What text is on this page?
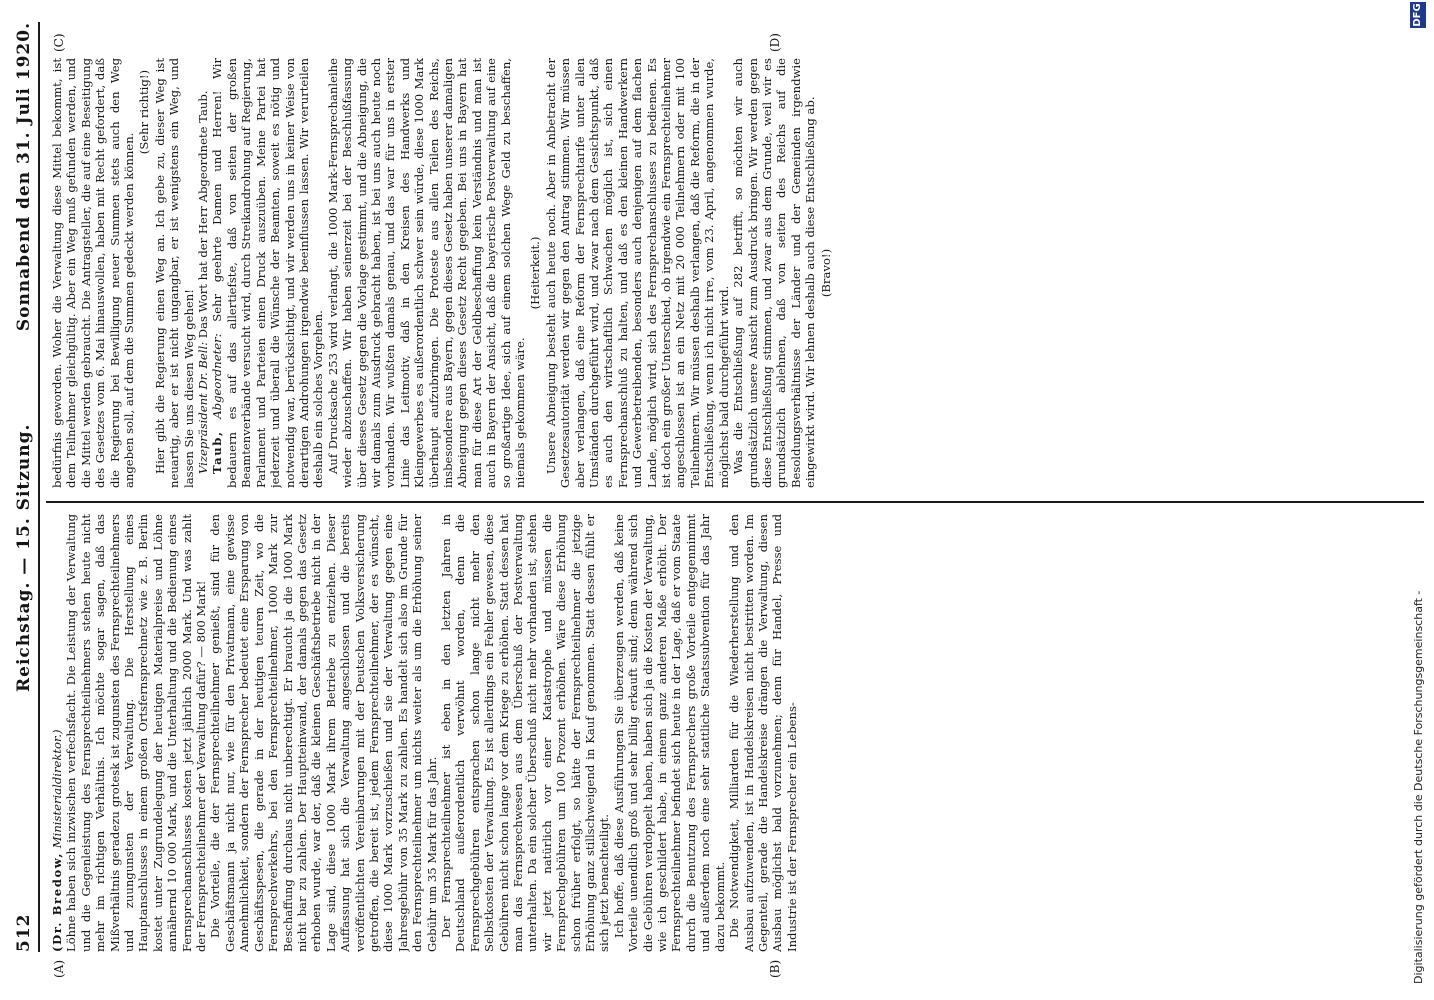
512
Reichstag. — 15. Sitzung.
Sonnabend den 31. Juli 1920.
(A)	(B)
(C)	(D)

(Dr. Bredow, Ministerialdirektor.) Löhne haben sich inzwischen verfechsfacht. Die Leistung der Verwaltung und die Gegenleistung des Fernsprechteilnehmers stehen heute nicht mehr im richtigen Verhältnis. Ich möchte sogar sagen, daß das Mißverhältnis geradezu grotesk ist zugunsten des Fernsprechteilnehmers und zuungunsten der Verwaltung. Die Herstellung eines Hauptanschlusses in einem großen Ortsfernsprechnetz wie z. B. Berlin kostet unter Zugrundelegung der heutigen Materialpreise und Löhne annähernd 10 000 Mark, und die Unterhaltung und die Bedienung eines Fernsprechanschlusses kosten jetzt jährlich 2000 Mark. Und was zahlt der Fernsprechteilnehmer der Verwaltung dafür? — 800 Mark! Die Vorteile, die der Fernsprechteilnehmer genießt, sind für den Geschäftsmann ja nicht nur, wie für den Privatmann, eine gewisse Annehmlichkeit, sondern der Fernsprecher bedeutet eine Ersparung von Geschäftsspesen, die gerade in der heutigen teuren Zeit, wo die Fernsprechverkehrs, bei den Fernsprechteilnehmer, 1000 Mark zur Beschaffung durchaus nicht unberechtigt. Er braucht ja die 1000 Mark nicht bar zu zahlen. Der Hauptteinwand, der damals gegen das Gesetz erhoben wurde, war der, daß die kleinen Geschäftsbetriebe nicht in der Lage sind, diese 1000 Mark ihrem Betriebe zu entziehen. Dieser Auffassung hat sich die Verwaltung angeschlossen und die bereits veröffentlichten Vereinbarungen mit der Deutschen Volksversicherung getroffen, die bereit ist, jedem Fernsprechteilnehmer, der es wünscht, diese 1000 Mark vorzuschießen und sie der Verwaltung gegen eine Jahresgebühr von 35 Mark zu zahlen. Es handelt sich also im Grunde für den Fernsprechteilnehmer um nichts weiter als um die Erhöhung seiner Gebühr um 35 Mark für das Jahr. Der Fernsprechteilnehmer ist eben in den letzten Jahren in Deutschland außerordentlich verwöhnt worden, denn die Fernsprechgebühren entsprachen schon lange nicht mehr den Selbstkosten der Verwaltung. Es ist allerdings ein Fehler gewesen, diese Gebühren nicht schon lange vor dem Kriege zu erhöhen. Statt dessen hat man das Fernsprechwesen aus dem Überschuß der Postverwaltung unterhalten. Da ein solcher Überschuß nicht mehr vorhanden ist, stehen wir jetzt natürlich vor einer Katastrophe und müssen die Fernsprechgebühren um 100 Prozent erhöhen. Wäre diese Erhöhung schon früher erfolgt, so hätte der Fernsprechteilnehmer die jetzige Erhöhung ganz stillschweigend in Kauf genommen. Statt dessen fühlt er sich jetzt benachteiligt. Ich hoffe, daß diese Ausführungen Sie überzeugen werden, daß keine Vorteile unendlich groß und sehr billig erkauft sind; denn während sich die Gebühren verdoppelt haben, haben sich ja die Kosten der Verwaltung, wie ich geschildert habe, in einem ganz anderen Maße erhöht. Der Fernsprechteilnehmer befindet sich heute in der Lage, daß er vom Staate durch die Benutzung des Fernsprechers große Vorteile entgegennimmt und außerdem noch eine sehr stattliche Staatssubvention für das Jahr dazu bekommt. Die Notwendigkeit, Milliarden für die Wiederherstellung und den Ausbau aufzuwenden, ist in Handelskreisen nicht bestritten worden. Im Gegenteil, gerade die Handelskreise drängen die Verwaltung, diesen Ausbau möglichst bald vorzunehmen; denn für Handel, Presse und Industrie ist der Fernsprecher ein Lebens-

bedürfnis geworden. Woher die Verwaltung diese Mittel bekommt, ist dem Teilnehmer gleichgültig. Aber ein Weg muß gefunden werden, und die Mittel werden gebraucht. Die Antragsteller, die auf eine Beseitigung des Gesetzes vom 6. Mai hinauswollen, haben mit Recht gefordert, daß die Regierung bei Bewilligung neuer Summen stets auch den Weg angeben soll, auf dem die Summen gedeckt werden können.

(Sehr richtig!) Hier gibt die Regierung einen Weg an. Ich gebe zu, dieser Weg ist neuartig, aber er ist nicht ungangbar, er ist wenigstens ein Weg, und lassen Sie uns diesen Weg gehen! Vizepräsident Dr. Bell: Das Wort hat der Herr Abgeordnete Taub.

Taub, Abgeordneter: Sehr geehrte Damen und Herren! Wir bedauern es auf das allertiefste, daß von seiten der großen Beamtenverbände versucht wird, durch Streikandrohung auf Regierung, Parlament und Parteien einen Druck auszuüben. Meine Partei hat jederzeit und überall die Wünsche der Beamten, soweit es nötig und notwendig war, berücksichtigt, und wir werden uns in keiner Weise von derartigen Androhungen irgendwie beeinflussen lassen. Wir verurteilen deshalb ein solches Vorgehen. Auf Drucksache 253 wird verlangt, die 1000 Mark-Fernsprechanleihe wieder abzuschaffen. Wir haben seinerzeit bei der Beschlußfassung über dieses Gesetz gegen die Vorlage gestimmt, und die Abneigung, die wir damals zum Ausdruck gebracht haben, ist bei uns auch heute noch vorhanden. Wir wußten damals genau, und das war für uns in erster Linie das Leitmotiv, daß in den Kreisen des Handwerks und Kleingewerbes es außerordentlich schwer sein würde, diese 1000 Mark überhaupt aufzubringen. Die Proteste aus allen Teilen des Reichs, insbesondere aus Bayern, gegen dieses Gesetz haben unserer damaligen Abneigung gegen dieses Gesetz Recht gegeben. Bei uns in Bayern hat man für diese Art der Geldbeschaffung kein Verständnis und man ist auch in Bayern der Ansicht, daß die bayerische Postverwaltung auf eine so großartige Idee, sich auf einem solchen Wege Geld zu beschaffen, niemals gekommen wäre.

(Heiterkeit.) Unsere Abneigung besteht auch heute noch. Aber in Anbetracht der Gesetzesautorität werden wir gegen den Antrag stimmen. Wir müssen aber verlangen, daß eine Reform der Fernsprechtarife unter allen Umständen durchgeführt wird, und zwar nach dem Gesichtspunkt, daß es auch den wirtschaftlich Schwachen möglich ist, sich einen Fernsprechanschluß zu halten, und daß es den kleinen Handwerkern und Gewerbetreibenden, besonders auch denjenigen auf dem flachen Lande, möglich wird, sich des Fernsprechanschlusses zu bedienen. Es ist doch ein großer Unterschied, ob irgendwie ein Fernsprechteilnehmer angeschlossen ist an ein Netz mit 20 000 Teilnehmern oder mit 100 Teilnehmern. Wir müssen deshalb verlangen, daß die Reform, die in der Entschließung, wenn ich nicht irre, vom 23. April, angenommen wurde, möglichst bald durchgeführt wird. Was die Entschließung auf 282 betrifft, so möchten wir auch grundsätzlich unsere Ansicht zum Ausdruck bringen. Wir werden gegen diese Entschließung stimmen, und zwar aus dem Grunde, weil wir es grundsätzlich ablehnen, daß von seiten des Reichs auf die Besoldungsverhältnisse der Länder und der Gemeinden irgendwie eingewirkt wird. Wir lehnen deshalb auch diese Entschließung ab. (Bravo!)

Digitalisierung gefördert durch die Deutsche Forschungsgemeinschaft -
DFG
